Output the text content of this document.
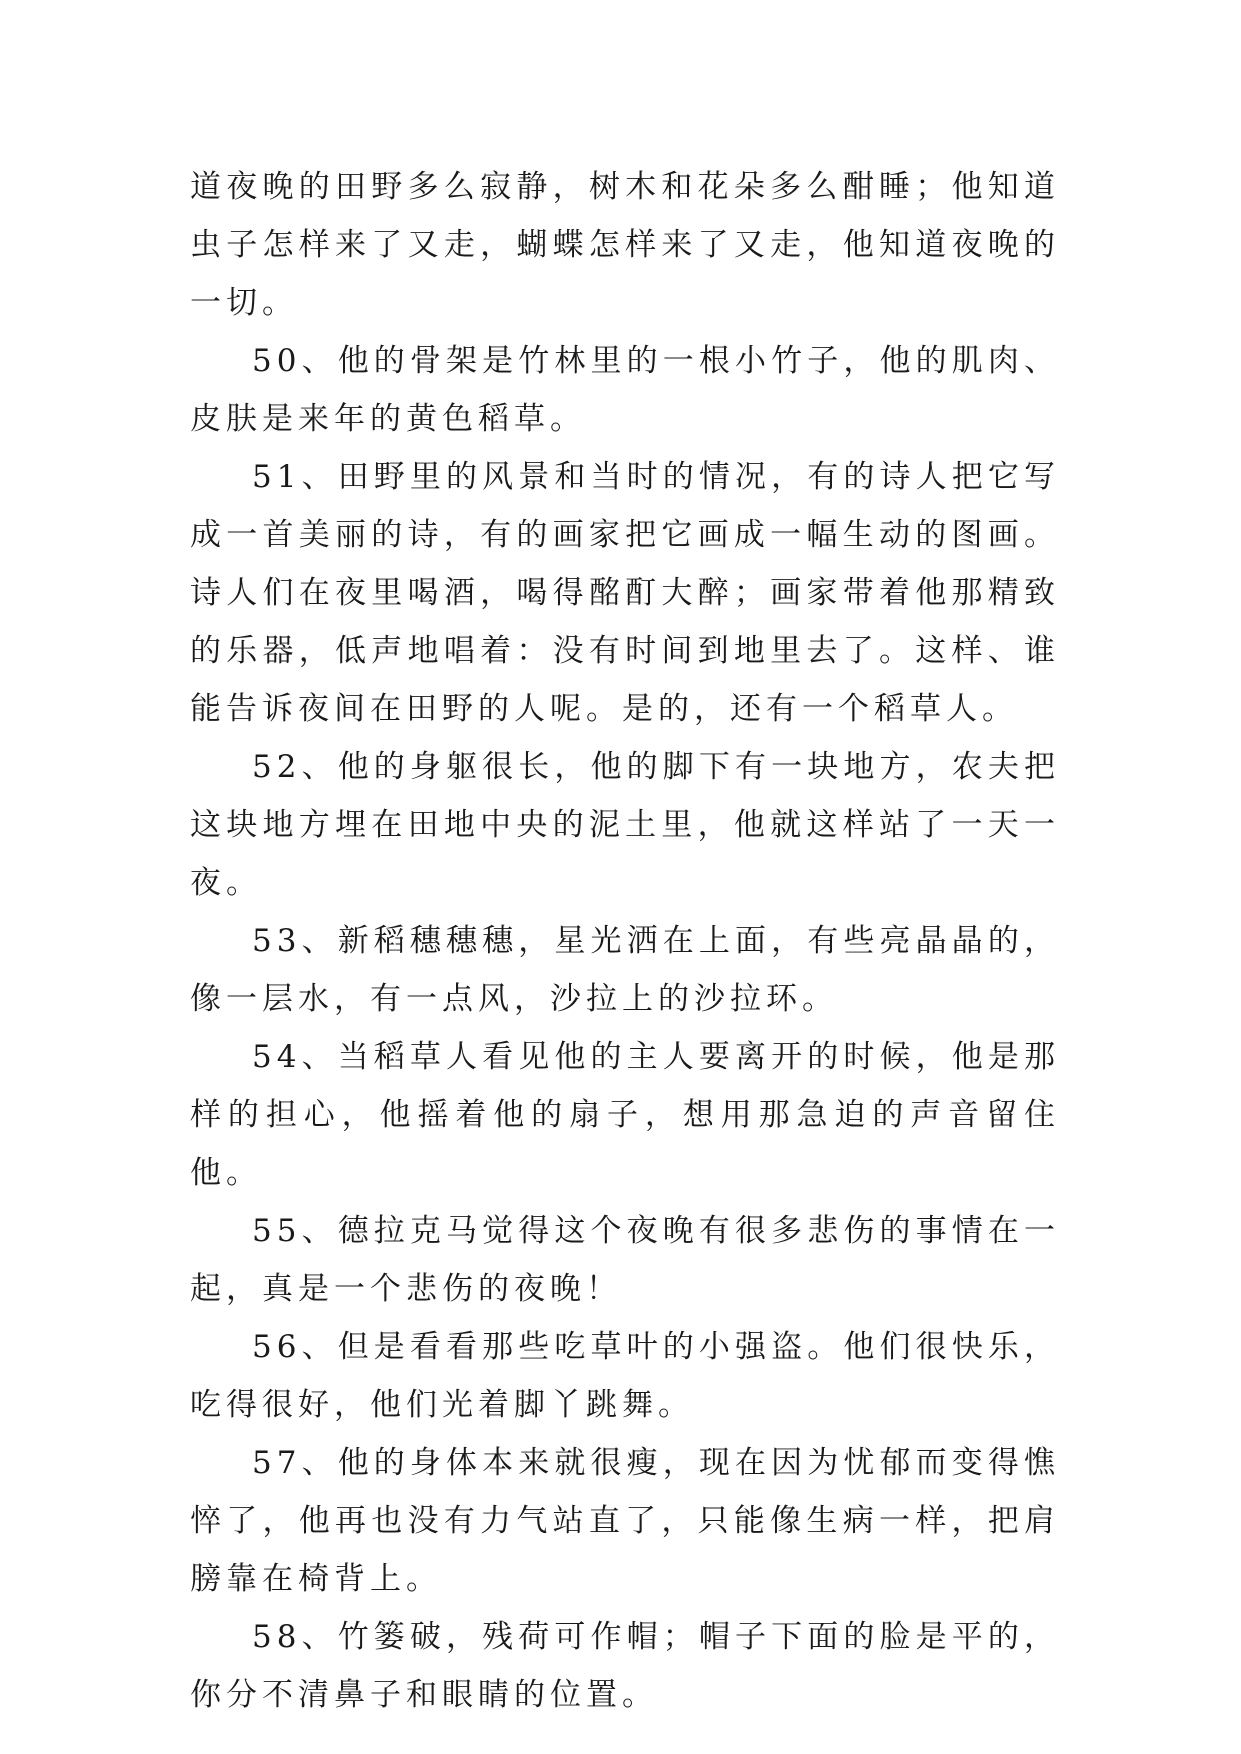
道夜晚的田野多么寂静，树木和花朵多么酣睡；他知道虫子怎样来了又走，蝴蝶怎样来了又走，他知道夜晚的一切。

50、他的骨架是竹林里的一根小竹子，他的肌肉、皮肤是来年的黄色稻草。

51、田野里的风景和当时的情况，有的诗人把它写成一首美丽的诗，有的画家把它画成一幅生动的图画。诗人们在夜里喝酒，喝得酩酊大醉；画家带着他那精致的乐器，低声地唱着：没有时间到地里去了。这样、谁能告诉夜间在田野的人呢。是的，还有一个稻草人。

52、他的身躯很长，他的脚下有一块地方，农夫把这块地方埋在田地中央的泥土里，他就这样站了一天一夜。

53、新稻穗穗穗，星光洒在上面，有些亮晶晶的，像一层水，有一点风，沙拉上的沙拉环。

54、当稻草人看见他的主人要离开的时候，他是那样的担心，他摇着他的扇子，想用那急迫的声音留住他。

55、德拉克马觉得这个夜晚有很多悲伤的事情在一起，真是一个悲伤的夜晚！

56、但是看看那些吃草叶的小强盗。他们很快乐，吃得很好，他们光着脚丫跳舞。

57、他的身体本来就很瘦，现在因为忧郁而变得憔悴了，他再也没有力气站直了，只能像生病一样，把肩膀靠在椅背上。

58、竹篓破，残荷可作帽；帽子下面的脸是平的，你分不清鼻子和眼睛的位置。
